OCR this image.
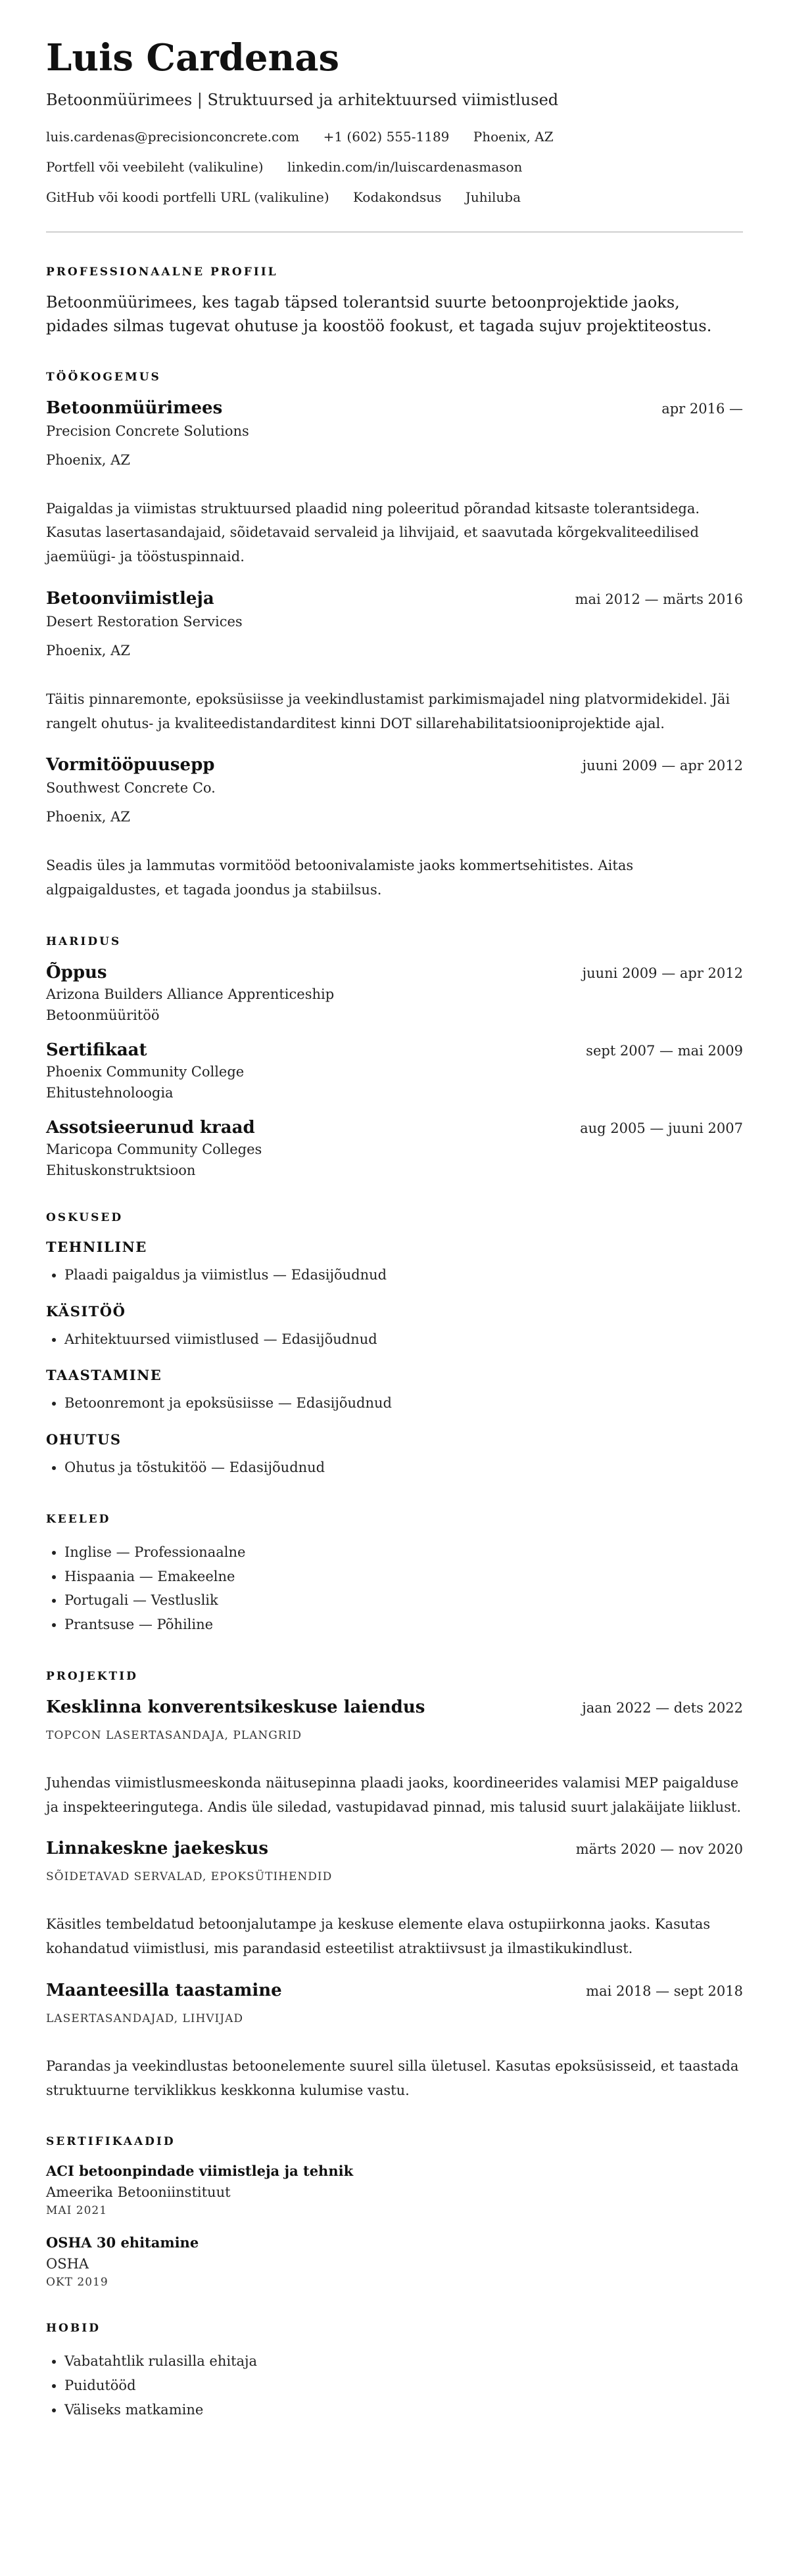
Luis Cardenas
Betoonmüürimees | Struktuursed ja arhitektuursed viimistlused
luis.cardenas@precisionconcrete.com +1 (602) 555-1189 Phoenix, AZ
Portfell või veebileht (valikuline) linkedin.com/in/luiscardenasmason
GitHub või koodi portfelli URL (valikuline) Kodakondsus Juhiluba
PROFESSIONAALNE PROFIIL
Betoonmüürimees, kes tagab täpsed tolerantsid suurte betoonprojektide jaoks, pidades silmas tugevat ohutuse ja koostöö fookust, et tagada sujuv projektiteostus.
TÖÖKOGEMUS
Betoonmüürimees	apr 2016 —
Precision Concrete Solutions
Phoenix, AZ
Paigaldas ja viimistas struktuursed plaadid ning poleeritud põrandad kitsaste tolerantsidega. Kasutas lasertasandajaid, sõidetavaid servaleid ja lihvijaid, et saavutada kõrgekvaliteedilised jaemüügi- ja tööstuspinnaid.
Betoonviimistleja	mai 2012 — märts 2016
Desert Restoration Services
Phoenix, AZ
Täitis pinnaremonte, epoksüsiisse ja veekindlustamist parkimismajadel ning platvormidekidel. Jäi rangelt ohutus- ja kvaliteedistandarditest kinni DOT sillarehabilitatsiooniprojektide ajal.
Vormitööpuusepp	juuni 2009 — apr 2012
Southwest Concrete Co.
Phoenix, AZ
Seadis üles ja lammutas vormitööd betoonivalamiste jaoks kommertsehitistes. Aitas algpaigaldustes, et tagada joondus ja stabiilsus.
HARIDUS
Õppus	juuni 2009 — apr 2012
Arizona Builders Alliance Apprenticeship
Betoonmüüritöö
Sertifikaat	sept 2007 — mai 2009
Phoenix Community College
Ehitustehnoloogia
Assotsieerunud kraad	aug 2005 — juuni 2007
Maricopa Community Colleges
Ehituskonstruktsioon
OSKUSED
TEHNILINE
• Plaadi paigaldus ja viimistlus — Edasijõudnud
KÄSITÖÖ
• Arhitektuursed viimistlused — Edasijõudnud
TAASTAMINE
• Betoonremont ja epoksüsiisse — Edasijõudnud
OHUTUS
• Ohutus ja tõstukitöö — Edasijõudnud
KEELED
• Inglise — Professionaalne
• Hispaania — Emakeelne
• Portugali — Vestluslik
• Prantsuse — Põhiline
PROJEKTID
Kesklinna konverentsikeskuse laiendus	jaan 2022 — dets 2022
TOPCON LASERTASANDAJA, PLANGRID
Juhendas viimistlusmeeskonda näitusepinna plaadi jaoks, koordineerides valamisi MEP paigalduse ja inspekteeringutega. Andis üle siledad, vastupidavad pinnad, mis talusid suurt jalakäijate liiklust.
Linnakeskne jaekeskus	märts 2020 — nov 2020
SÕIDETAVAD SERVALAD, EPOKSÜTIHENDID
Käsitles tembeldatud betoonjalutampe ja keskuse elemente elava ostupiirkonna jaoks. Kasutas kohandatud viimistlusi, mis parandasid esteetilist atraktiivsust ja ilmastikukindlust.
Maanteesilla taastamine	mai 2018 — sept 2018
LASERTASANDAJAD, LIHVIJAD
Parandas ja veekindlustas betoonelemente suurel silla ületusel. Kasutas epoksüsisseid, et taastada struktuurne terviklikkus keskkonna kulumise vastu.
SERTIFIKAADID
ACI betoonpindade viimistleja ja tehnik
Ameerika Betooniinstituut
MAI 2021
OSHA 30 ehitamine
OSHA
OKT 2019
HOBID
• Vabatahtlik rulasilla ehitaja
• Puidutööd
• Väliseks matkamine
